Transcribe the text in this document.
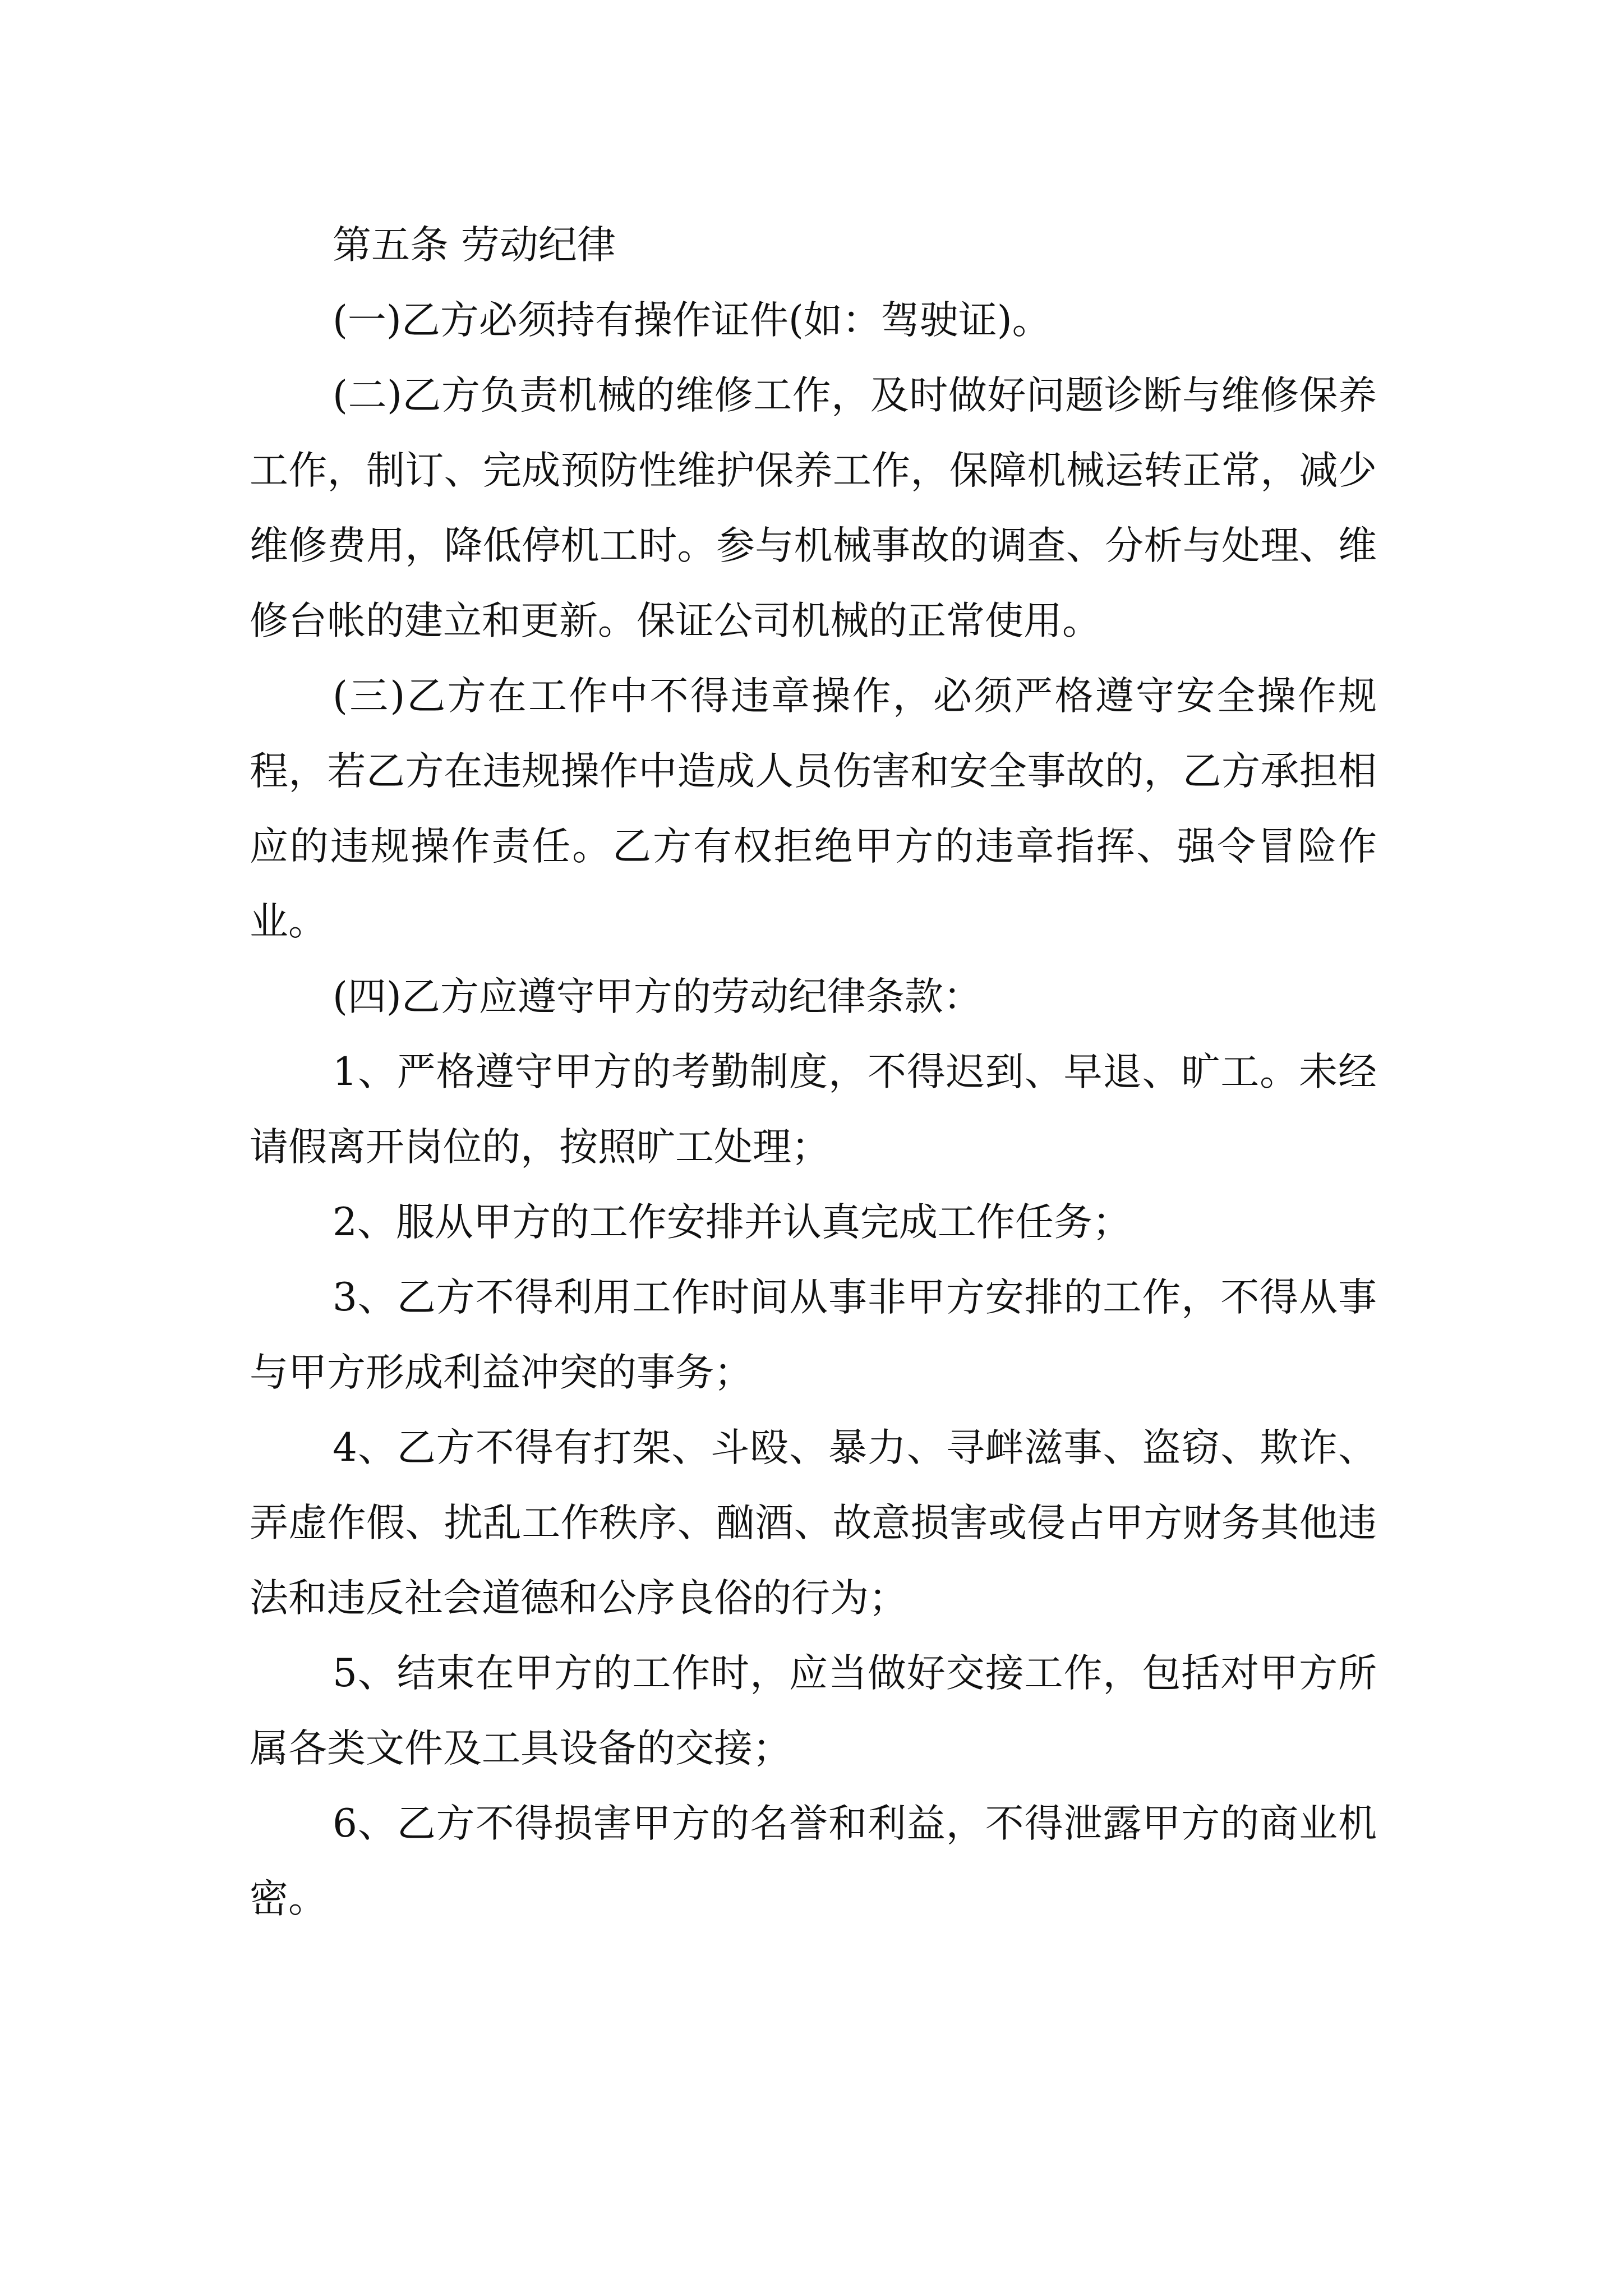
第五条 劳动纪律

(一)乙方必须持有操作证件(如：驾驶证)。

(二)乙方负责机械的维修工作，及时做好问题诊断与维修保养工作，制订、完成预防性维护保养工作，保障机械运转正常，减少维修费用，降低停机工时。参与机械事故的调查、分析与处理、维修台帐的建立和更新。保证公司机械的正常使用。

(三)乙方在工作中不得违章操作，必须严格遵守安全操作规程，若乙方在违规操作中造成人员伤害和安全事故的，乙方承担相应的违规操作责任。乙方有权拒绝甲方的违章指挥、强令冒险作业。

(四)乙方应遵守甲方的劳动纪律条款：

1、严格遵守甲方的考勤制度，不得迟到、早退、旷工。未经请假离开岗位的，按照旷工处理；

2、服从甲方的工作安排并认真完成工作任务；

3、乙方不得利用工作时间从事非甲方安排的工作，不得从事与甲方形成利益冲突的事务；

4、乙方不得有打架、斗殴、暴力、寻衅滋事、盗窃、欺诈、弄虚作假、扰乱工作秩序、酗酒、故意损害或侵占甲方财务其他违法和违反社会道德和公序良俗的行为；

5、结束在甲方的工作时，应当做好交接工作，包括对甲方所属各类文件及工具设备的交接；

6、乙方不得损害甲方的名誉和利益，不得泄露甲方的商业机密。
